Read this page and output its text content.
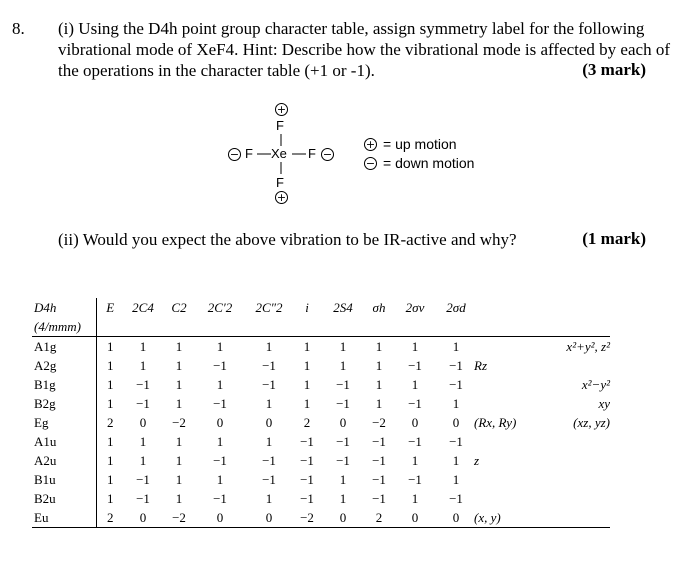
8. (i) Using the D4h point group character table, assign symmetry label for the following
vibrational mode of XeF4. Hint: Describe how the vibrational mode is affected by each of
the operations in the character table (+1 or -1).	(3 mark)
+
F
− F Xe F −
F
+
+ = up motion
− = down motion
(ii) Would you expect the above vibration to be IR-active and why?	(1 mark)
D4h	E	2C4	C2	2C′2	2C″2	i	2S4	σh	2σv	2σd		
(4/mmm)												
A1g	1	1	1	1	1	1	1	1	1	1		x²+y², z²
A2g	1	1	1	−1	−1	1	1	1	−1	−1	Rz	
B1g	1	−1	1	1	−1	1	−1	1	1	−1		x²−y²
B2g	1	−1	1	−1	1	1	−1	1	−1	1		xy
Eg	2	0	−2	0	0	2	0	−2	0	0	(Rx, Ry)	(xz, yz)
A1u	1	1	1	1	1	−1	−1	−1	−1	−1		
A2u	1	1	1	−1	−1	−1	−1	−1	1	1	z	
B1u	1	−1	1	1	−1	−1	1	−1	−1	1		
B2u	1	−1	1	−1	1	−1	1	−1	1	−1		
Eu	2	0	−2	0	0	−2	0	2	0	0	(x, y)	
